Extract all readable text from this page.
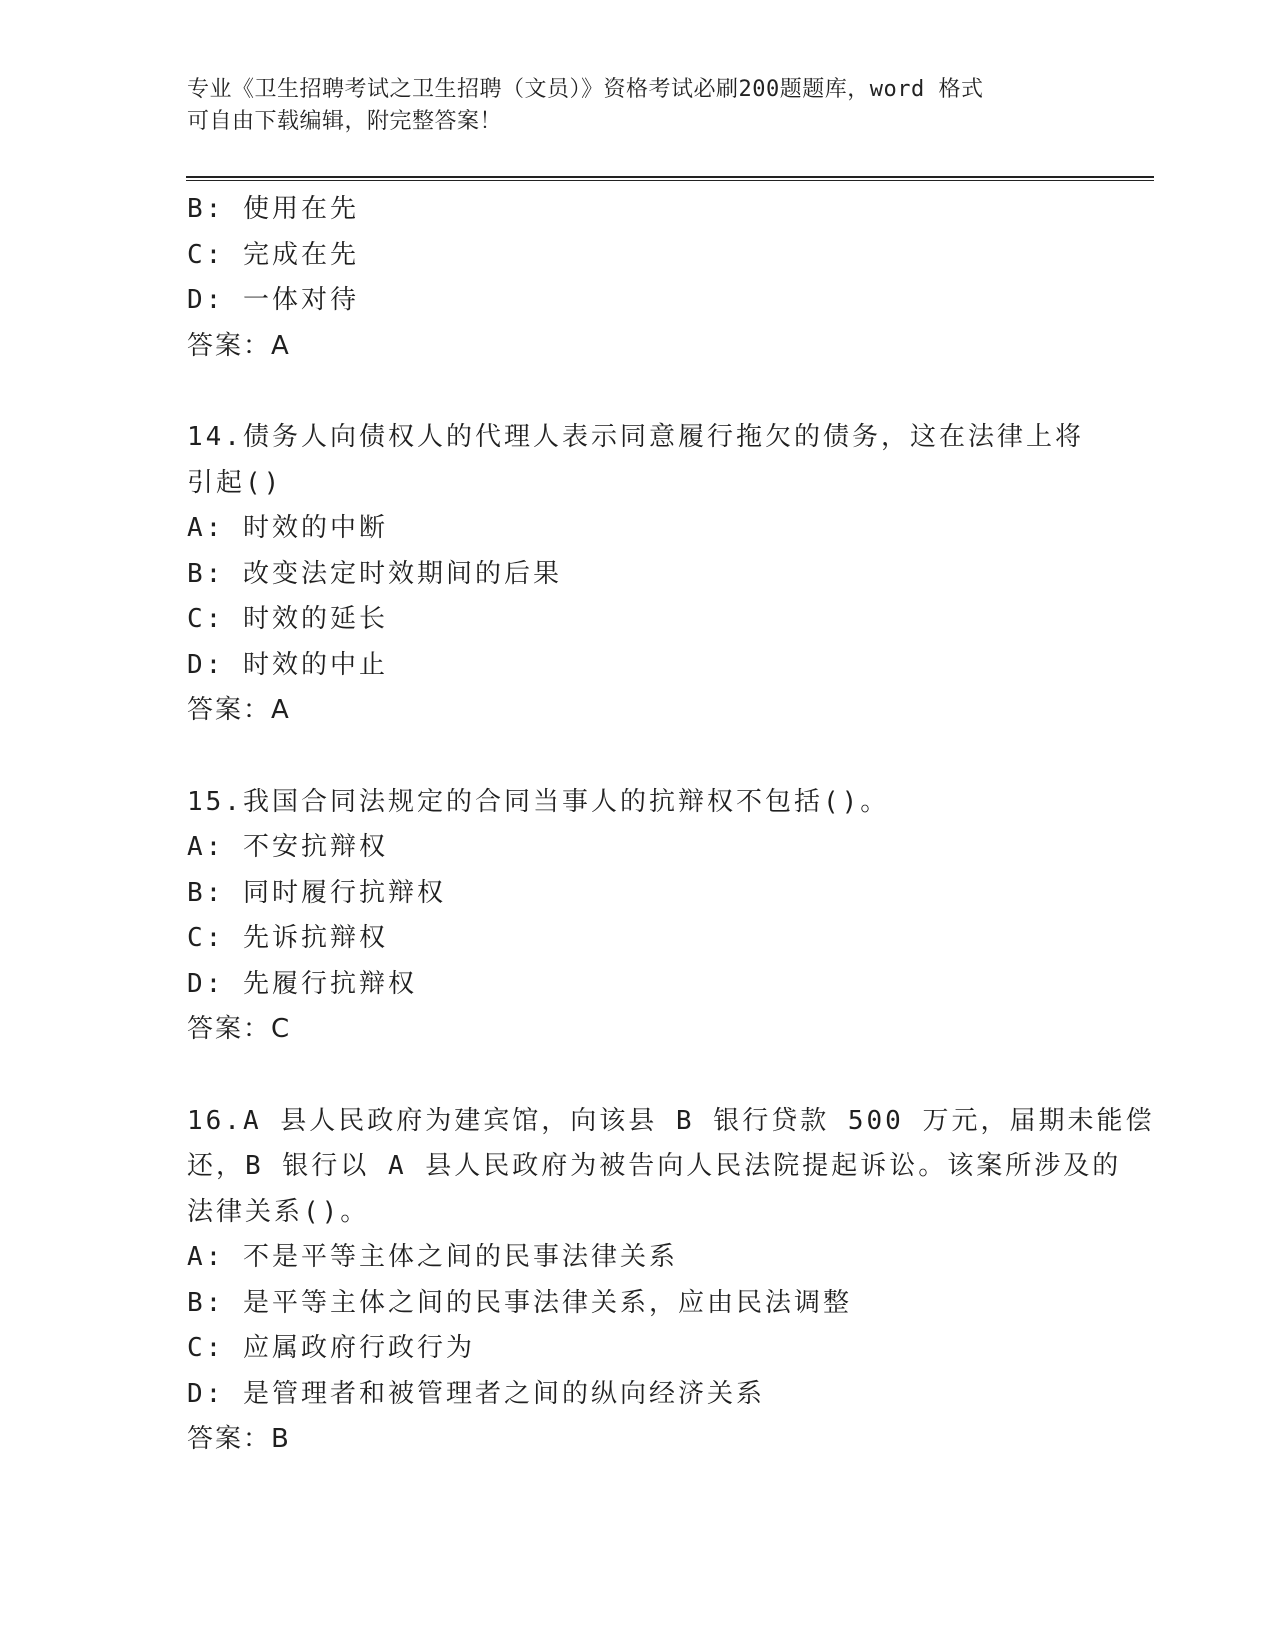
专业《卫生招聘考试之卫生招聘（文员）》资格考试必刷200题题库，word 格式
可自由下载编辑，附完整答案！
B: 使用在先
C: 完成在先
D: 一体对待
答案：A
14.债务人向债权人的代理人表示同意履行拖欠的债务，这在法律上将
引起()
A: 时效的中断
B: 改变法定时效期间的后果
C: 时效的延长
D: 时效的中止
答案：A
15.我国合同法规定的合同当事人的抗辩权不包括()。
A: 不安抗辩权
B: 同时履行抗辩权
C: 先诉抗辩权
D: 先履行抗辩权
答案：C
16.A 县人民政府为建宾馆，向该县 B 银行贷款 500 万元，届期未能偿
还，B 银行以 A 县人民政府为被告向人民法院提起诉讼。该案所涉及的
法律关系()。
A: 不是平等主体之间的民事法律关系
B: 是平等主体之间的民事法律关系，应由民法调整
C: 应属政府行政行为
D: 是管理者和被管理者之间的纵向经济关系
答案：B
